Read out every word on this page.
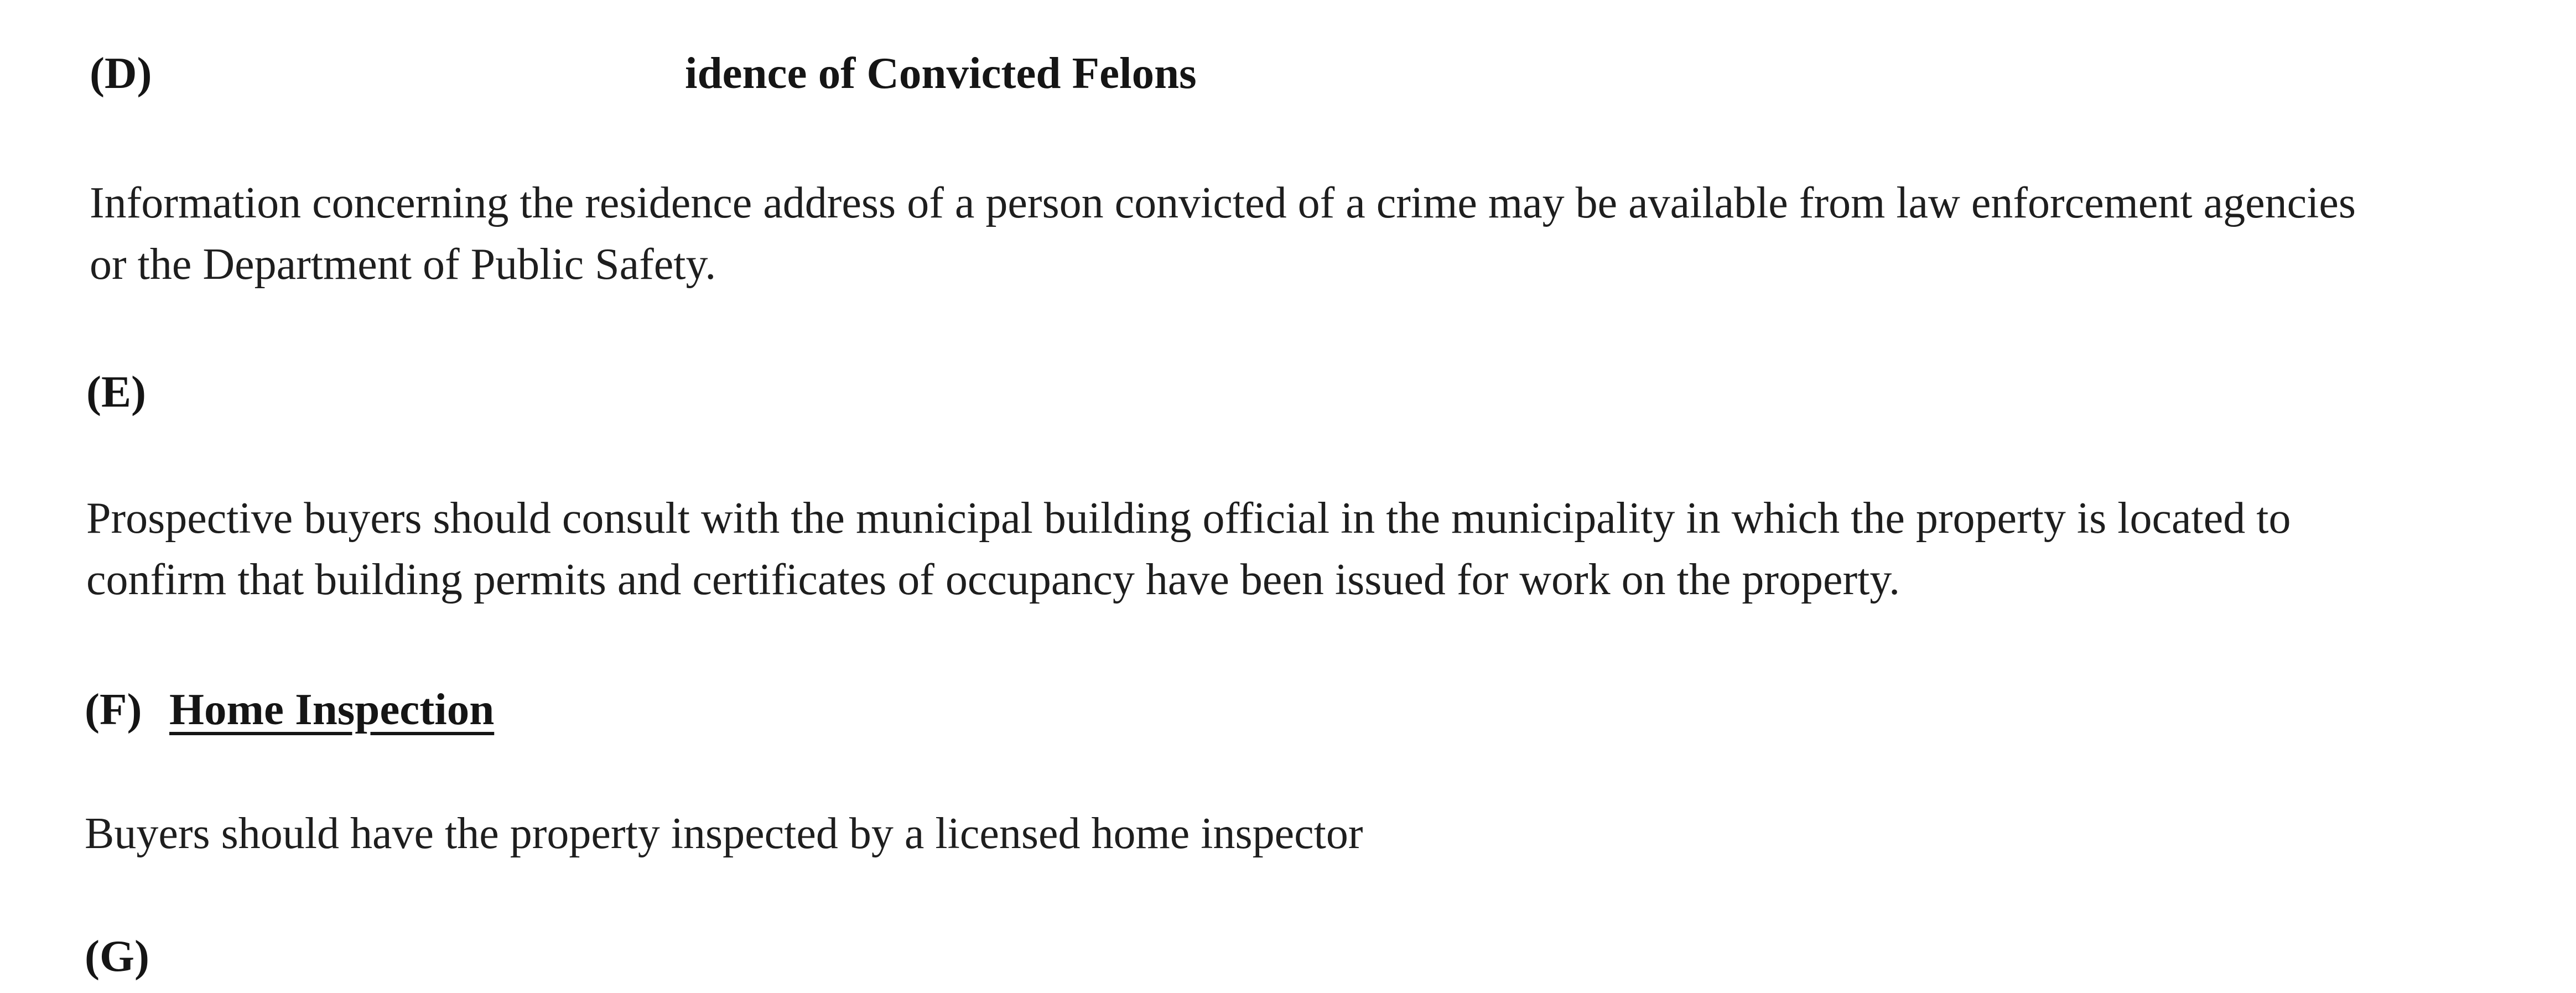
(D)	idence of Convicted Felons
Information concerning the residence address of a person convicted of a crime may be available from law enforcement agencies
or the Department of Public Safety.
(E)
Prospective buyers should consult with the municipal building official in the municipality in which the property is located to
confirm that building permits and certificates of occupancy have been issued for work on the property.
(F) Home Inspection
Buyers should have the property inspected by a licensed home inspector
(G)
